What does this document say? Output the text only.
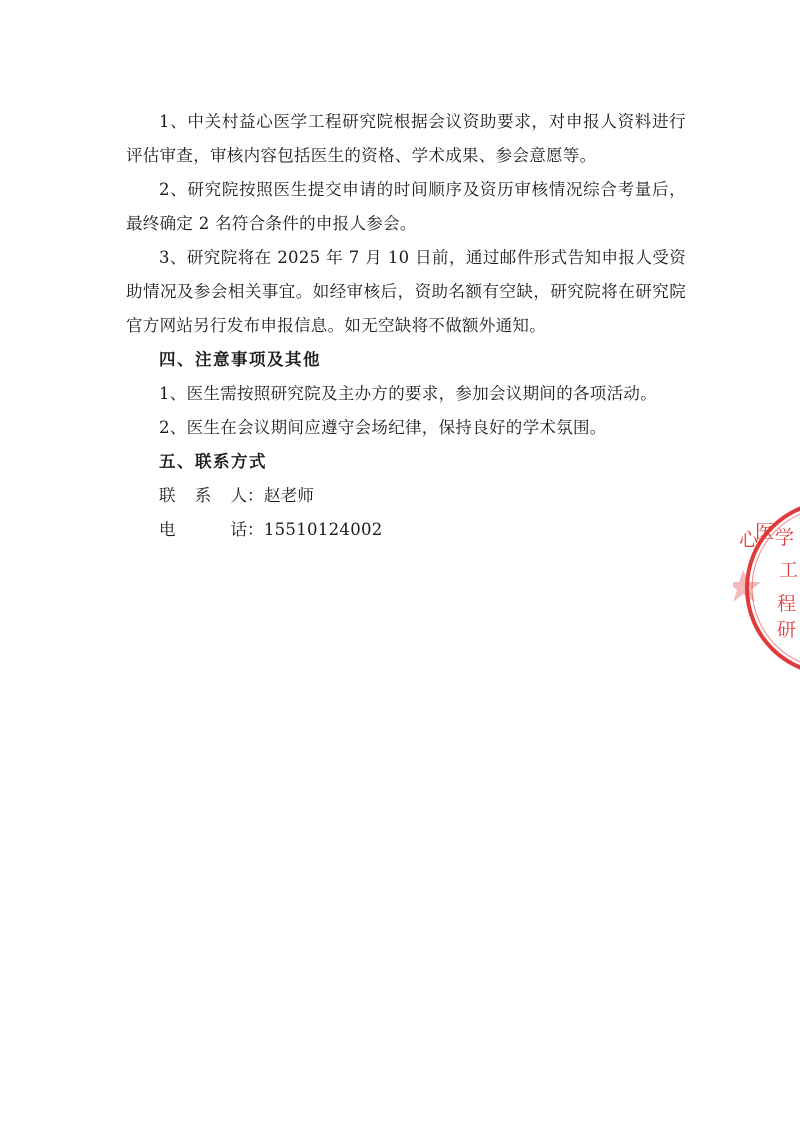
1、中关村益心医学工程研究院根据会议资助要求，对申报人资料进行评估审查，审核内容包括医生的资格、学术成果、参会意愿等。

2、研究院按照医生提交申请的时间顺序及资历审核情况综合考量后，最终确定 2 名符合条件的申报人参会。

3、研究院将在 2025 年 7 月 10 日前，通过邮件形式告知申报人受资助情况及参会相关事宜。如经审核后，资助名额有空缺，研究院将在研究院官方网站另行发布申报信息。如无空缺将不做额外通知。

四、注意事项及其他

1、医生需按照研究院及主办方的要求，参加会议期间的各项活动。

2、医生在会议期间应遵守会场纪律，保持良好的学术氛围。

五、联系方式

联系人 ： 赵老师
电话 ： 15510124002	心 医 学 工 程 研
